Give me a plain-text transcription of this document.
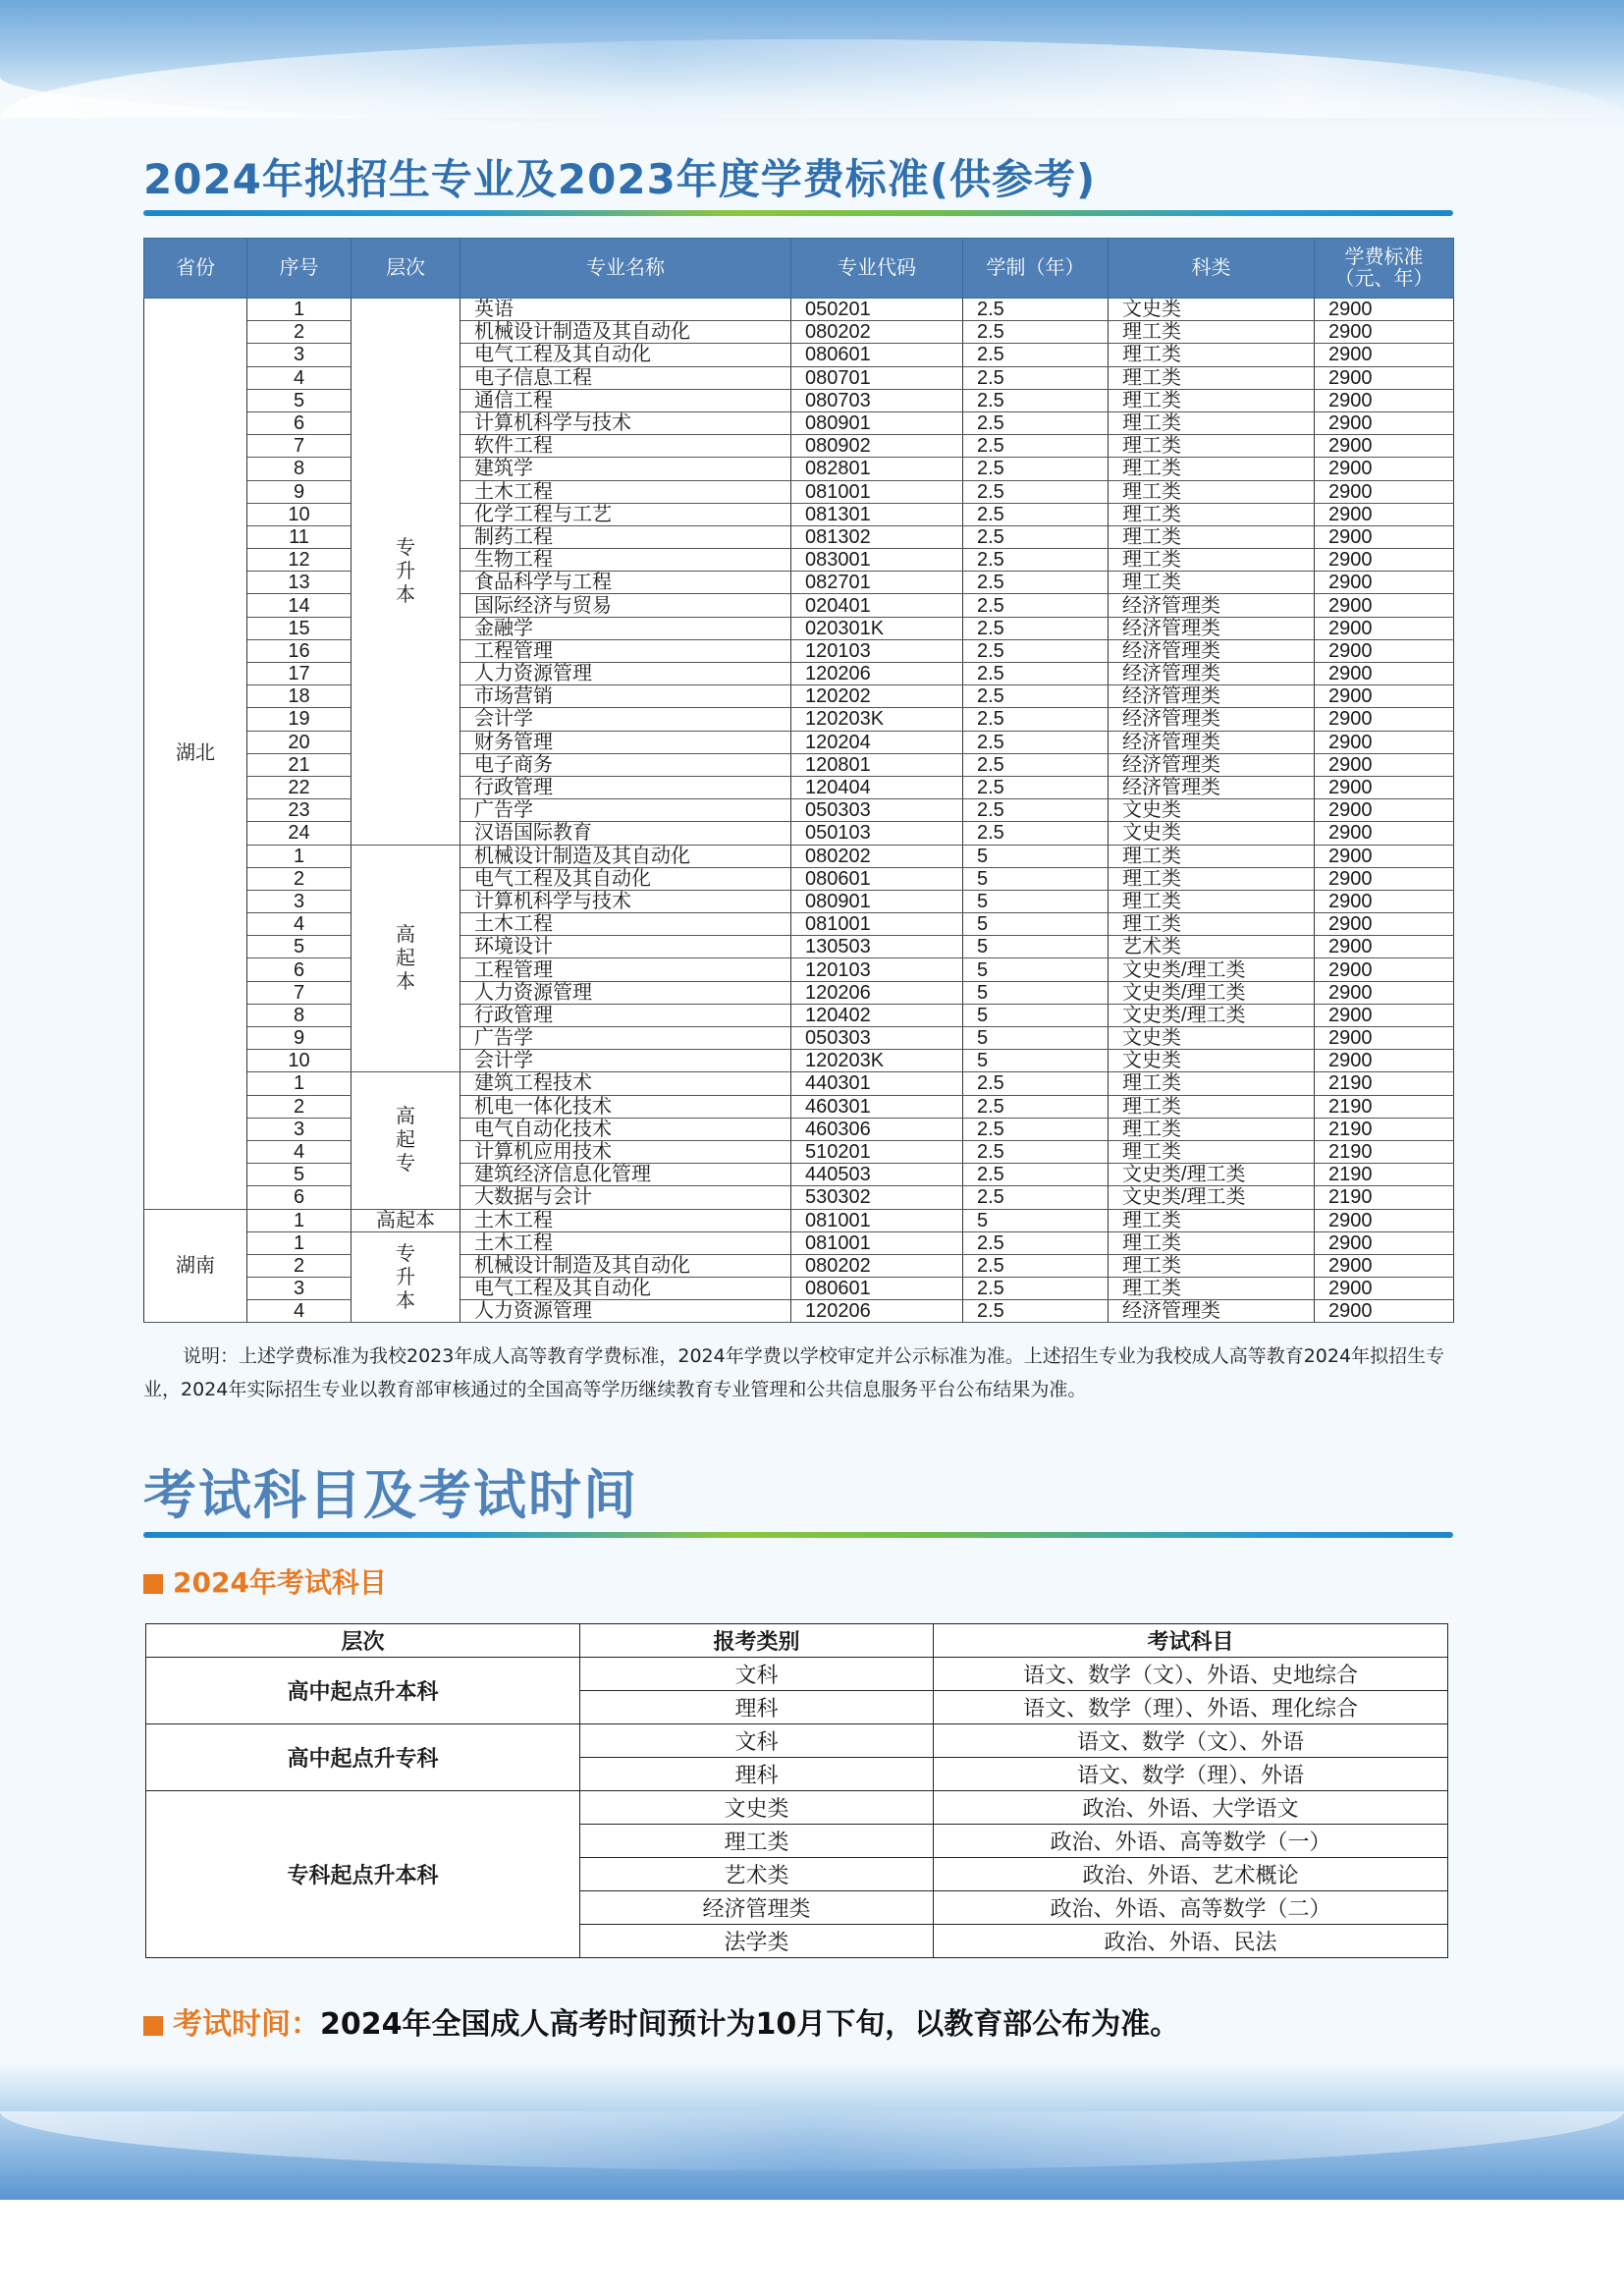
2024年拟招生专业及2023年度学费标准(供参考)
省份	序号	层次	专业名称	专业代码	学制（年）	科类	学费标准
（元、年）
湖北	1	专升本	英语	050201	2.5	文史类	2900
	2		机械设计制造及其自动化	080202	2.5	理工类	2900
	3		电气工程及其自动化	080601	2.5	理工类	2900
	4		电子信息工程	080701	2.5	理工类	2900
	5		通信工程	080703	2.5	理工类	2900
	6		计算机科学与技术	080901	2.5	理工类	2900
	7		软件工程	080902	2.5	理工类	2900
	8		建筑学	082801	2.5	理工类	2900
	9		土木工程	081001	2.5	理工类	2900
	10		化学工程与工艺	081301	2.5	理工类	2900
	11		制药工程	081302	2.5	理工类	2900
	12		生物工程	083001	2.5	理工类	2900
	13		食品科学与工程	082701	2.5	理工类	2900
	14		国际经济与贸易	020401	2.5	经济管理类	2900
	15		金融学	020301K	2.5	经济管理类	2900
	16		工程管理	120103	2.5	经济管理类	2900
	17		人力资源管理	120206	2.5	经济管理类	2900
	18		市场营销	120202	2.5	经济管理类	2900
	19		会计学	120203K	2.5	经济管理类	2900
	20		财务管理	120204	2.5	经济管理类	2900
	21		电子商务	120801	2.5	经济管理类	2900
	22		行政管理	120404	2.5	经济管理类	2900
	23		广告学	050303	2.5	文史类	2900
	24		汉语国际教育	050103	2.5	文史类	2900
	1	高起本	机械设计制造及其自动化	080202	5	理工类	2900
	2		电气工程及其自动化	080601	5	理工类	2900
	3		计算机科学与技术	080901	5	理工类	2900
	4		土木工程	081001	5	理工类	2900
	5		环境设计	130503	5	艺术类	2900
	6		工程管理	120103	5	文史类/理工类	2900
	7		人力资源管理	120206	5	文史类/理工类	2900
	8		行政管理	120402	5	文史类/理工类	2900
	9		广告学	050303	5	文史类	2900
	10		会计学	120203K	5	文史类	2900
	1	高起专	建筑工程技术	440301	2.5	理工类	2190
	2		机电一体化技术	460301	2.5	理工类	2190
	3		电气自动化技术	460306	2.5	理工类	2190
	4		计算机应用技术	510201	2.5	理工类	2190
	5		建筑经济信息化管理	440503	2.5	文史类/理工类	2190
	6		大数据与会计	530302	2.5	文史类/理工类	2190
湖南	1	高起本	土木工程	081001	5	理工类	2900
	1	专升本	土木工程	081001	2.5	理工类	2900
	2		机械设计制造及其自动化	080202	2.5	理工类	2900
	3		电气工程及其自动化	080601	2.5	理工类	2900
	4		人力资源管理	120206	2.5	经济管理类	2900
说明：上述学费标准为我校2023年成人高等教育学费标准，2024年学费以学校审定并公示标准为准。上述招生专业为我校成人高等教育2024年拟招生专业，2024年实际招生专业以教育部审核通过的全国高等学历继续教育专业管理和公共信息服务平台公布结果为准。
考试科目及考试时间
2024年考试科目
层次	报考类别	考试科目
高中起点升本科	文科	语文、数学（文）、外语、史地综合
	理科	语文、数学（理）、外语、理化综合
高中起点升专科	文科	语文、数学（文）、外语
	理科	语文、数学（理）、外语
专科起点升本科	文史类	政治、外语、大学语文
	理工类	政治、外语、高等数学（一）
	艺术类	政治、外语、艺术概论
	经济管理类	政治、外语、高等数学（二）
	法学类	政治、外语、民法
考试时间：2024年全国成人高考时间预计为10月下旬，以教育部公布为准。
